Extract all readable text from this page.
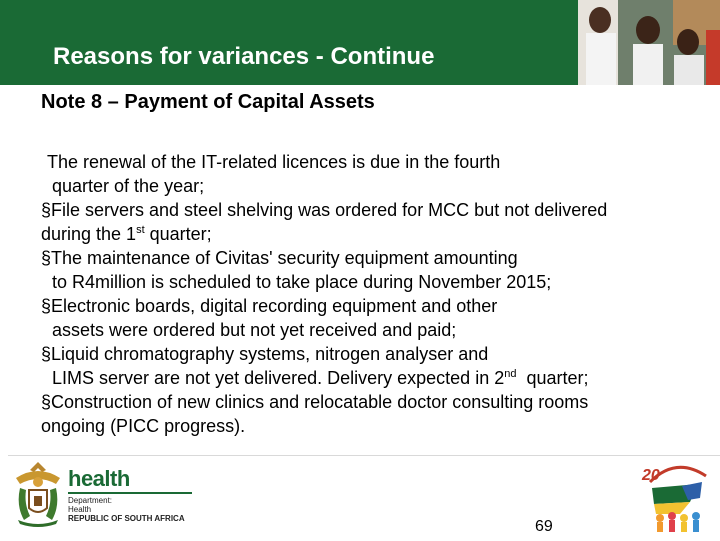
Reasons for variances - Continue
Note 8 – Payment of Capital Assets
The renewal of the IT-related licences is due in the fourth
quarter of the year;
§File servers and steel shelving was ordered for MCC but not delivered
during the 1st quarter;
§The maintenance of Civitas' security equipment amounting
to R4million is scheduled to take place during November 2015;
§Electronic boards, digital recording equipment and other
assets were ordered but not yet received and paid;
§Liquid chromatography systems, nitrogen analyser and
LIMS server are not yet delivered. Delivery expected in 2nd  quarter;
§Construction of new clinics and relocatable doctor consulting rooms
ongoing (PICC progress).
health
Department:
Health
REPUBLIC OF SOUTH AFRICA	69
20
